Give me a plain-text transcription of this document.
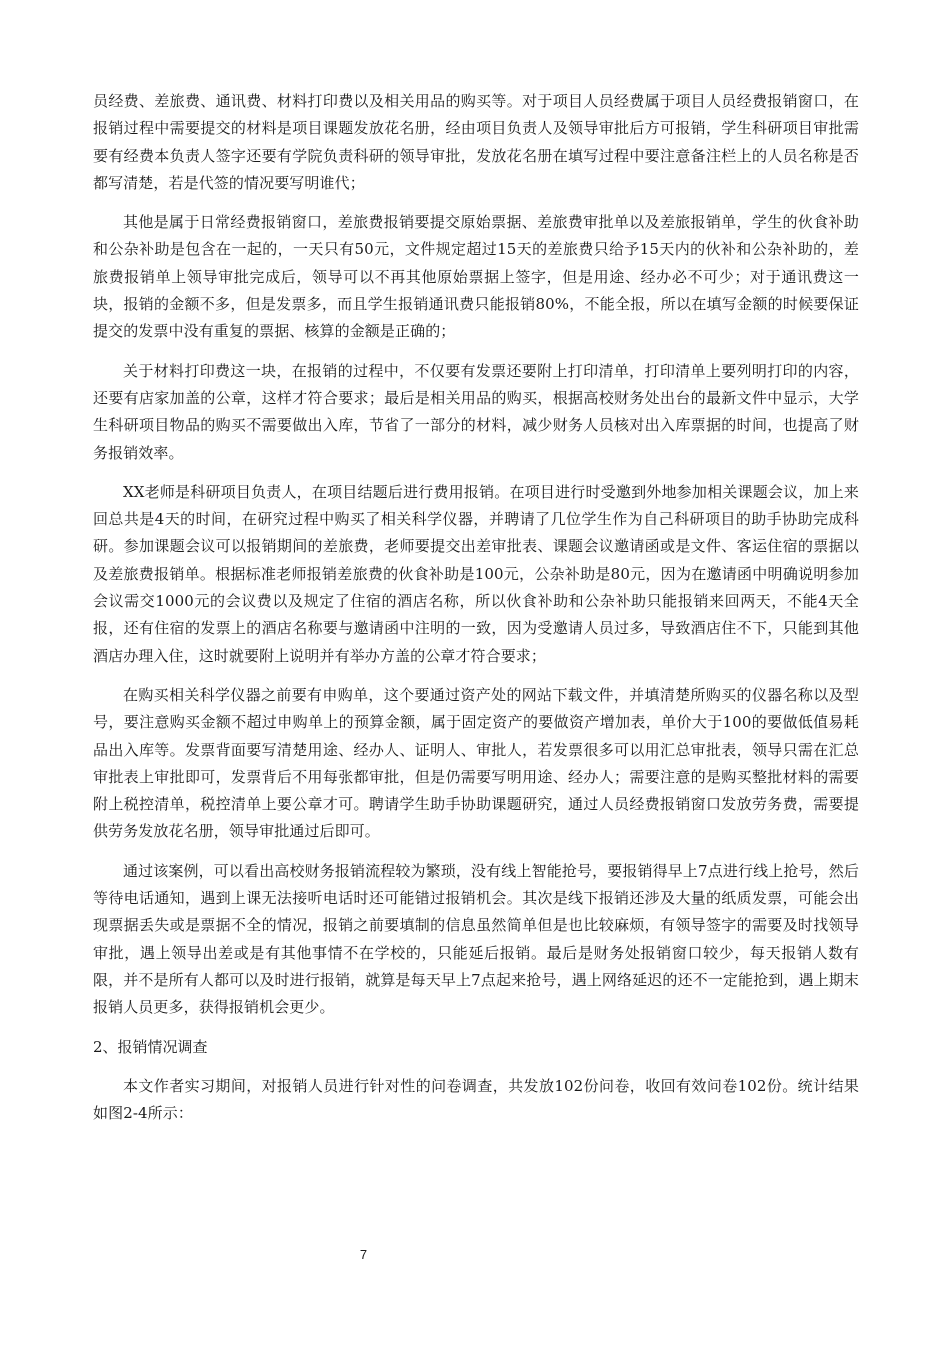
员经费、差旅费、通讯费、材料打印费以及相关用品的购买等。对于项目人员经费属于项目人员经费报销窗口，在报销过程中需要提交的材料是项目课题发放花名册，经由项目负责人及领导审批后方可报销，学生科研项目审批需要有经费本负责人签字还要有学院负责科研的领导审批，发放花名册在填写过程中要注意备注栏上的人员名称是否都写清楚，若是代签的情况要写明谁代；

其他是属于日常经费报销窗口，差旅费报销要提交原始票据、差旅费审批单以及差旅报销单，学生的伙食补助和公杂补助是包含在一起的，一天只有50元，文件规定超过15天的差旅费只给予15天内的伙补和公杂补助的，差旅费报销单上领导审批完成后，领导可以不再其他原始票据上签字，但是用途、经办必不可少；对于通讯费这一块，报销的金额不多，但是发票多，而且学生报销通讯费只能报销80%，不能全报，所以在填写金额的时候要保证提交的发票中没有重复的票据、核算的金额是正确的；

关于材料打印费这一块，在报销的过程中，不仅要有发票还要附上打印清单，打印清单上要列明打印的内容，还要有店家加盖的公章，这样才符合要求；最后是相关用品的购买，根据高校财务处出台的最新文件中显示，大学生科研项目物品的购买不需要做出入库，节省了一部分的材料，减少财务人员核对出入库票据的时间，也提高了财务报销效率。

XX老师是科研项目负责人，在项目结题后进行费用报销。在项目进行时受邀到外地参加相关课题会议，加上来回总共是4天的时间，在研究过程中购买了相关科学仪器，并聘请了几位学生作为自己科研项目的助手协助完成科研。参加课题会议可以报销期间的差旅费，老师要提交出差审批表、课题会议邀请函或是文件、客运住宿的票据以及差旅费报销单。根据标准老师报销差旅费的伙食补助是100元，公杂补助是80元，因为在邀请函中明确说明参加会议需交1000元的会议费以及规定了住宿的酒店名称，所以伙食补助和公杂补助只能报销来回两天，不能4天全报，还有住宿的发票上的酒店名称要与邀请函中注明的一致，因为受邀请人员过多，导致酒店住不下，只能到其他酒店办理入住，这时就要附上说明并有举办方盖的公章才符合要求；

在购买相关科学仪器之前要有申购单，这个要通过资产处的网站下载文件，并填清楚所购买的仪器名称以及型号，要注意购买金额不超过申购单上的预算金额，属于固定资产的要做资产增加表，单价大于100的要做低值易耗品出入库等。发票背面要写清楚用途、经办人、证明人、审批人，若发票很多可以用汇总审批表，领导只需在汇总审批表上审批即可，发票背后不用每张都审批，但是仍需要写明用途、经办人；需要注意的是购买整批材料的需要附上税控清单，税控清单上要公章才可。聘请学生助手协助课题研究，通过人员经费报销窗口发放劳务费，需要提供劳务发放花名册，领导审批通过后即可。

通过该案例，可以看出高校财务报销流程较为繁琐，没有线上智能抢号，要报销得早上7点进行线上抢号，然后等待电话通知，遇到上课无法接听电话时还可能错过报销机会。其次是线下报销还涉及大量的纸质发票，可能会出现票据丢失或是票据不全的情况，报销之前要填制的信息虽然简单但是也比较麻烦，有领导签字的需要及时找领导审批，遇上领导出差或是有其他事情不在学校的，只能延后报销。最后是财务处报销窗口较少，每天报销人数有限，并不是所有人都可以及时进行报销，就算是每天早上7点起来抢号，遇上网络延迟的还不一定能抢到，遇上期末报销人员更多，获得报销机会更少。

2、报销情况调查

本文作者实习期间，对报销人员进行针对性的问卷调查，共发放102份问卷，收回有效问卷102份。统计结果如图2-4所示：

7
